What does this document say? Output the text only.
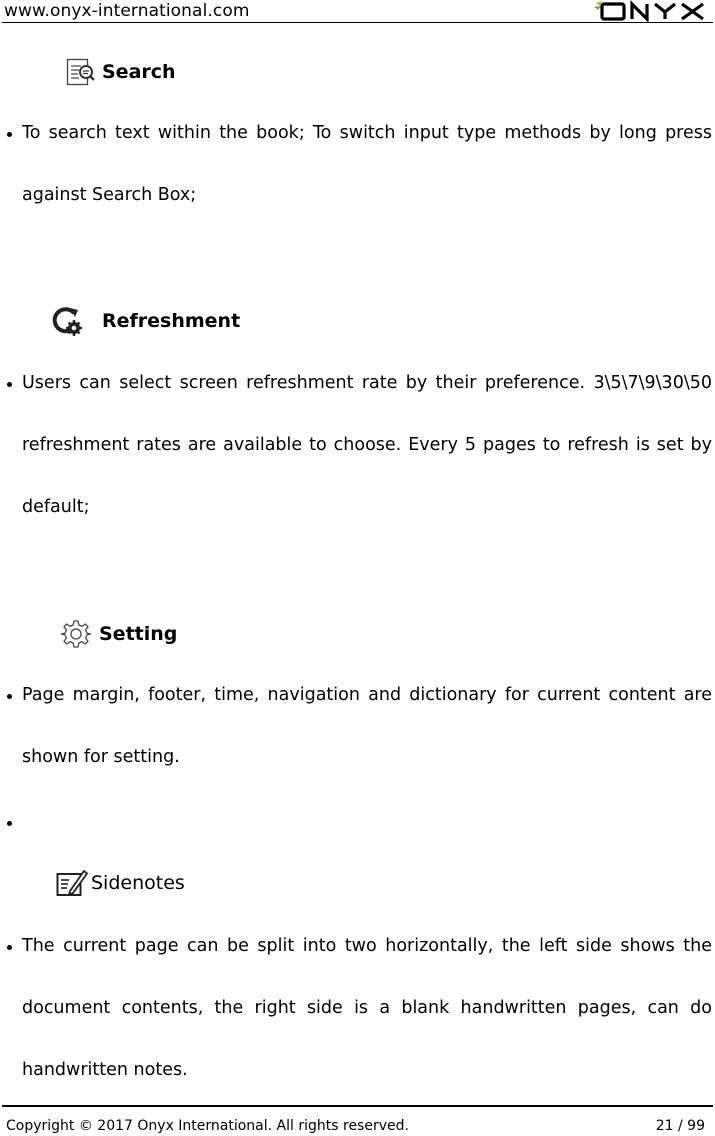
www.onyx-international.com
Search

To search text within the book; To switch input type methods by long press

against Search Box;

Refreshment

Users can select screen refreshment rate by their preference. 3\5\7\9\30\50

refreshment rates are available to choose. Every 5 pages to refresh is set by

default;

Setting

Page margin, footer, time, navigation and dictionary for current content are

shown for setting.

Sidenotes

The current page can be split into two horizontally, the left side shows the

document contents, the right side is a blank handwritten pages, can do

handwritten notes.

Copyright © 2017 Onyx International. All rights reserved.	21 / 99
